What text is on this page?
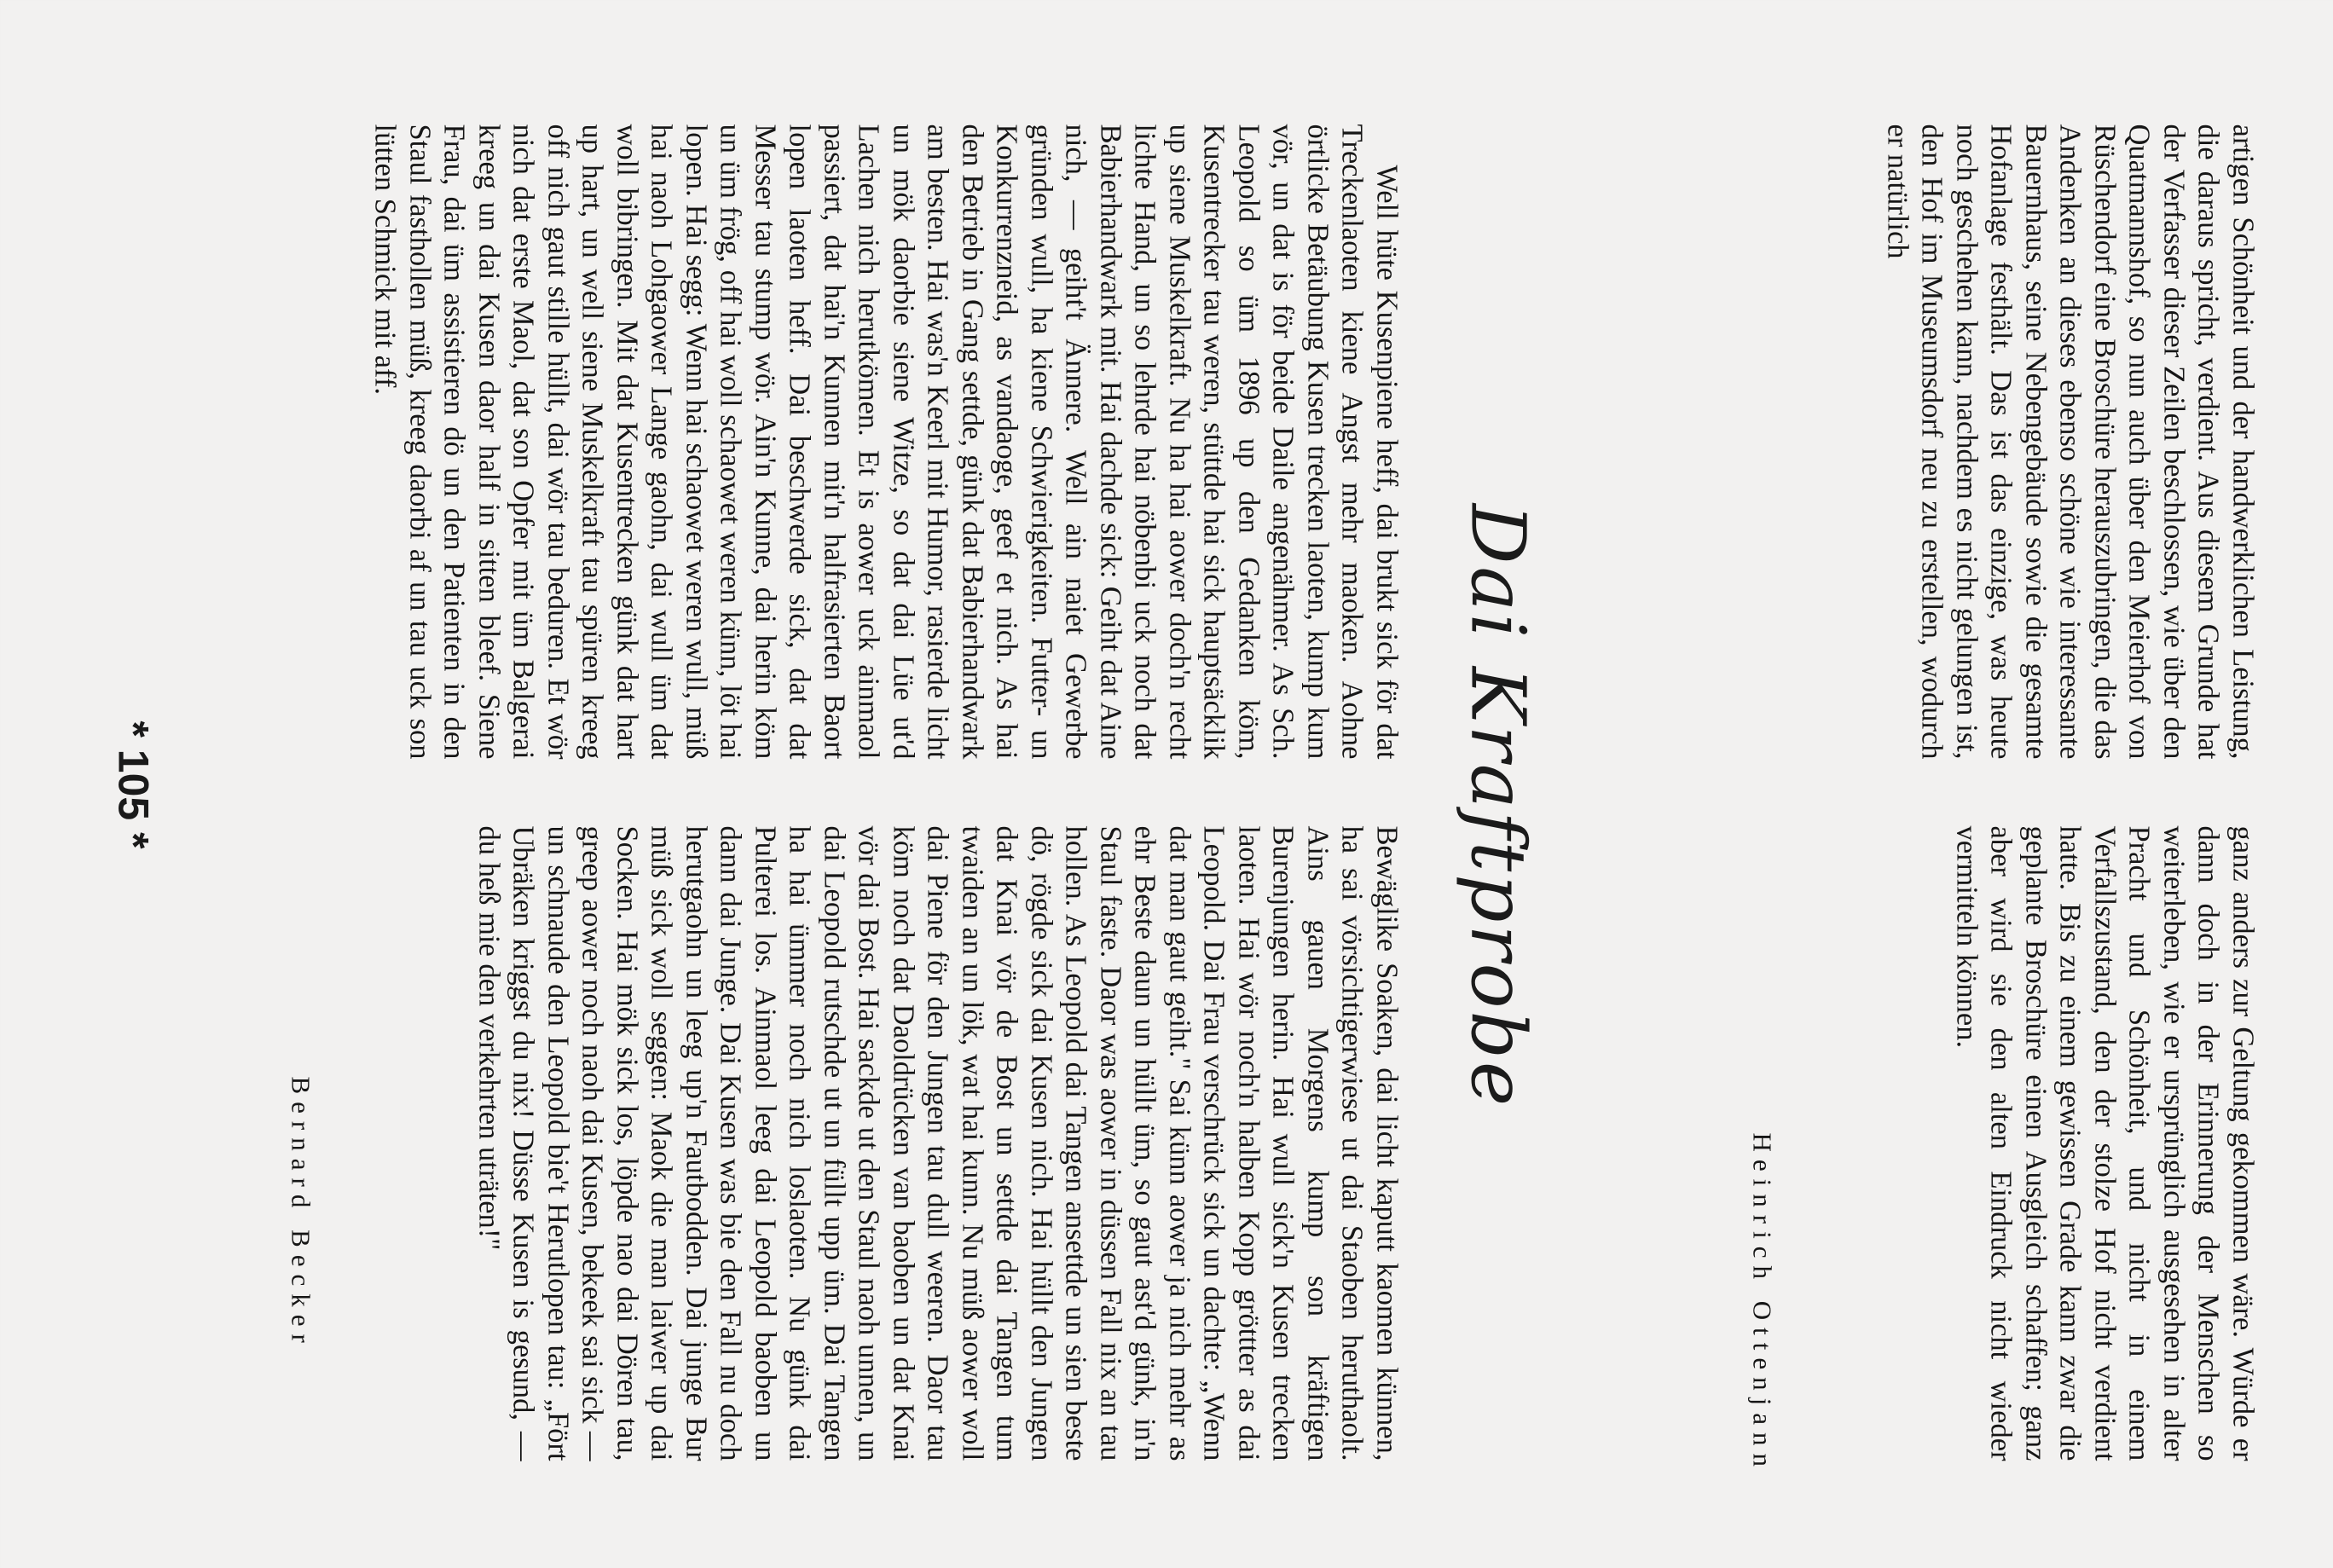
artigen Schönheit und der handwerklichen Leistung, die daraus spricht, verdient. Aus diesem Grunde hat der Verfasser dieser Zeilen beschlossen, wie über den Quatmannshof, so nun auch über den Meierhof von Rüschendorf eine Broschüre herauszubringen, die das Andenken an dieses ebenso schöne wie interessante Bauernhaus, seine Nebengebäude sowie die gesamte Hofanlage festhält. Das ist das einzige, was heute noch geschehen kann, nachdem es nicht gelungen ist, den Hof im Museumsdorf neu zu erstellen, wodurch er natürlich

ganz anders zur Geltung gekommen wäre. Würde er dann doch in der Erinnerung der Menschen so weiterleben, wie er ursprünglich ausgesehen in alter Pracht und Schönheit, und nicht in einem Verfallszustand, den der stolze Hof nicht verdient hatte. Bis zu einem gewissen Grade kann zwar die geplante Broschüre einen Ausgleich schaffen; ganz aber wird sie den alten Eindruck nicht wieder vermitteln können.

Heinrich Ottenjann
Dai Kraftprobe

Well hüte Kusenpiene heff, dai brukt sick för dat Treckenlaoten kiene Angst mehr maoken. Aohne örtlicke Betäubung Kusen trecken laoten, kump kum vör, un dat is för beide Daile angenähmer. As Sch. Leopold so üm 1896 up den Gedanken köm, Kusentrecker tau weren, stüttde hai sick hauptsäcklik up siene Muskelkraft. Nu ha hai aower doch'n recht lichte Hand, un so lehrde hai nöbenbi uck noch dat Babierhandwark mit. Hai dachde sick: Geiht dat Aine nich, — geiht't Ännere. Well ain naiet Gewerbe gründen wull, ha kiene Schwierigkeiten. Futter- un Konkurrenzneid, as vandaoge, geef et nich. As hai den Betrieb in Gang settde, günk dat Babierhandwark am besten. Hai was'n Keerl mit Humor, rasierde licht un mök daorbie siene Witze, so dat dai Lüe ut'd Lachen nich herutkömen. Et is aower uck ainmaol passiert, dat hai'n Kunnen mit'n halfrasierten Baort lopen laoten heff. Dai beschwerde sick, dat dat Messer tau stump wör. Ain'n Kunne, dai herin köm un üm frög, off hai woll schaowet weren künn, löt hai lopen. Hai segg: Wenn hai schaowet weren wull, müß hai naoh Lohgaower Lange gaohn, dai wull üm dat woll bibringen. Mit dat Kusentrecken günk dat hart up hart, un well siene Muskelkraft tau spüren kreeg off nich gaut stille hüllt, dai wör tau beduren. Et wör nich dat erste Maol, dat son Opfer mit üm Balgerai kreeg un dai Kusen daor half in sitten bleef. Siene Frau, dai üm assistieren dö un den Patienten in den Staul fasthollen müß, kreeg daorbi af un tau uck son lütten Schmick mit aff.

Bewäglike Soaken, dai licht kaputt kaomen künnen, ha sai vörsichtigerwiese ut dai Staoben heruthaolt. Ains gauen Morgens kump son kräftigen Burenjungen herin. Hai wull sick'n Kusen trecken laoten. Hai wör noch'n halben Kopp gröttter as dai Leopold. Dai Frau verschrück sick un dachte: „Wenn dat man gaut geiht." Sai künn aower ja nich mehr as ehr Beste daun un hüllt üm, so gaut ast'd günk, in'n Staul faste. Daor was aower in düssen Fall nix an tau hollen. As Leopold dai Tangen ansettde un sien beste dö, rögde sick dai Kusen nich. Hai hüllt den Jungen dat Knai vör de Bost un settde dai Tangen tum twaiden an un lök, wat hai kunn. Nu müß aower woll dai Piene för den Jungen tau dull weeren. Daor tau köm noch dat Daoldrücken van baoben un dat Knai vör dai Bost. Hai sackde ut den Staul naoh unnen, un dai Leopold rutschde ut un füllt upp üm. Dai Tangen ha hai ümmer noch nich loslaoten. Nu günk dai Pulterei los. Ainmaol leeg dai Leopold baoben un dann dai Junge. Dai Kusen was bie den Fall nu doch herutgaohn un leeg up'n Fautbodden. Dai junge Bur müß sick woll seggen: Maok die man laiwer up dai Socken. Hai mök sick los, löpde nao dai Dören tau, greep aower noch naoh dai Kusen, bekeek sai sick — un schnaude den Leopold bie't Herutlopen tau: „Fört Ubräken kriggst du nix! Düsse Kusen is gesund, — du heß mie den verkehrten uträten!"

Bernard Becker
* 105 *
